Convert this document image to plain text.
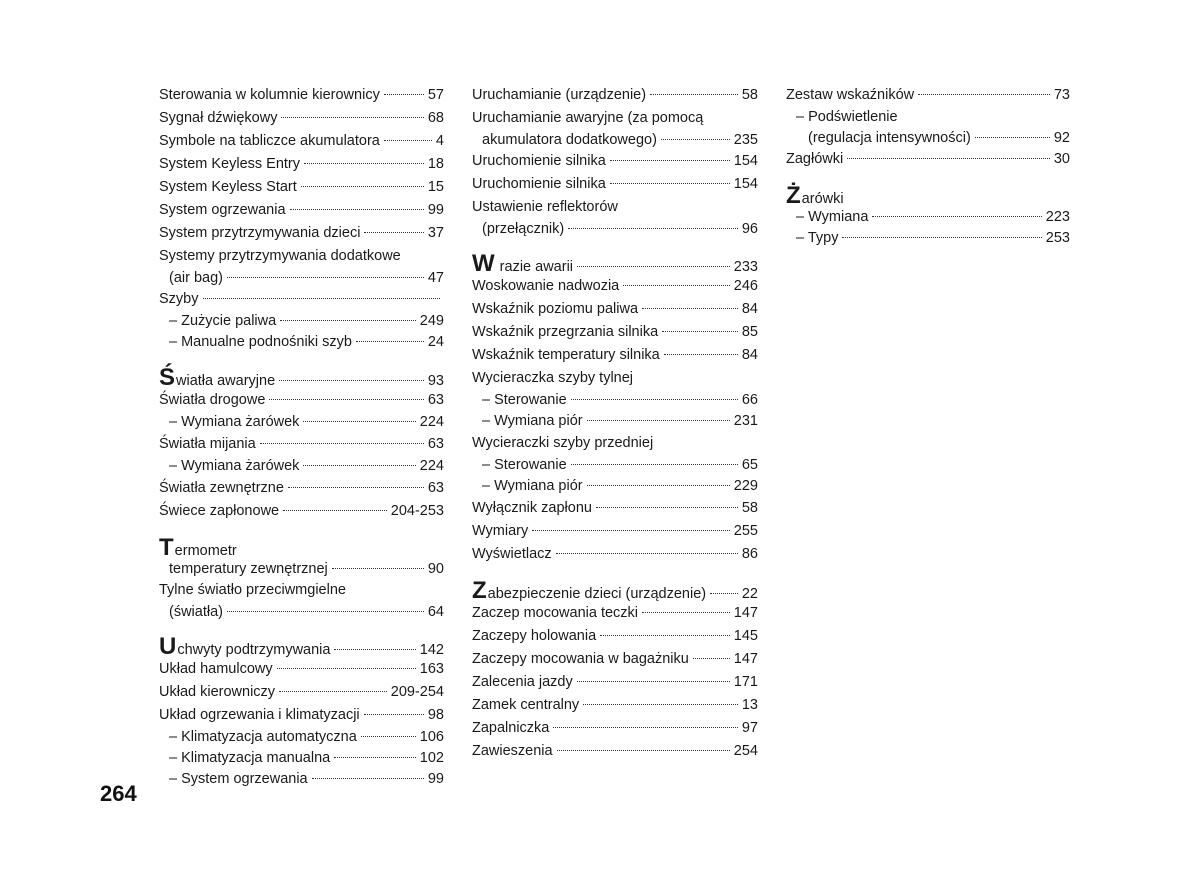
Sterowania w kolumnie kierownicy	57
Sygnał dźwiękowy	68
Symbole na tabliczce akumulatora	4
System Keyless Entry	18
System Keyless Start	15
System ogrzewania	99
System przytrzymywania dzieci	37
Systemy przytrzymywania dodatkowe
(air bag)	47
Szyby
– Zużycie paliwa	249
– Manualne podnośniki szyb	24
Światła awaryjne	93
Światła drogowe	63
– Wymiana żarówek	224
Światła mijania	63
– Wymiana żarówek	224
Światła zewnętrzne	63
Świece zapłonowe	204-253
Termometr
temperatury zewnętrznej	90
Tylne światło przeciwmgielne
(światła)	64
Uchwyty podtrzymywania	142
Układ hamulcowy	163
Układ kierowniczy	209-254
Układ ogrzewania i klimatyzacji	98
– Klimatyzacja automatyczna	106
– Klimatyzacja manualna	102
– System ogrzewania	99
Uruchamianie (urządzenie)	58
Uruchamianie awaryjne (za pomocą
akumulatora dodatkowego)	235
Uruchomienie silnika	154
Uruchomienie silnika	154
Ustawienie reflektorów
(przełącznik)	96
W razie awarii	233
Woskowanie nadwozia	246
Wskaźnik poziomu paliwa	84
Wskaźnik przegrzania silnika	85
Wskaźnik temperatury silnika	84
Wycieraczka szyby tylnej
– Sterowanie	66
– Wymiana piór	231
Wycieraczki szyby przedniej
– Sterowanie	65
– Wymiana piór	229
Wyłącznik zapłonu	58
Wymiary	255
Wyświetlacz	86
Zabezpieczenie dzieci (urządzenie) 22
Zaczep mocowania teczki	147
Zaczepy holowania	145
Zaczepy mocowania w bagażniku	147
Zalecenia jazdy	171
Zamek centralny	13
Zapalniczka	97
Zawieszenia	254
Zestaw wskaźników	73
– Podświetlenie
(regulacja intensywności)	92
Zagłówki	30
Żarówki
– Wymiana	223
– Typy	253
264
